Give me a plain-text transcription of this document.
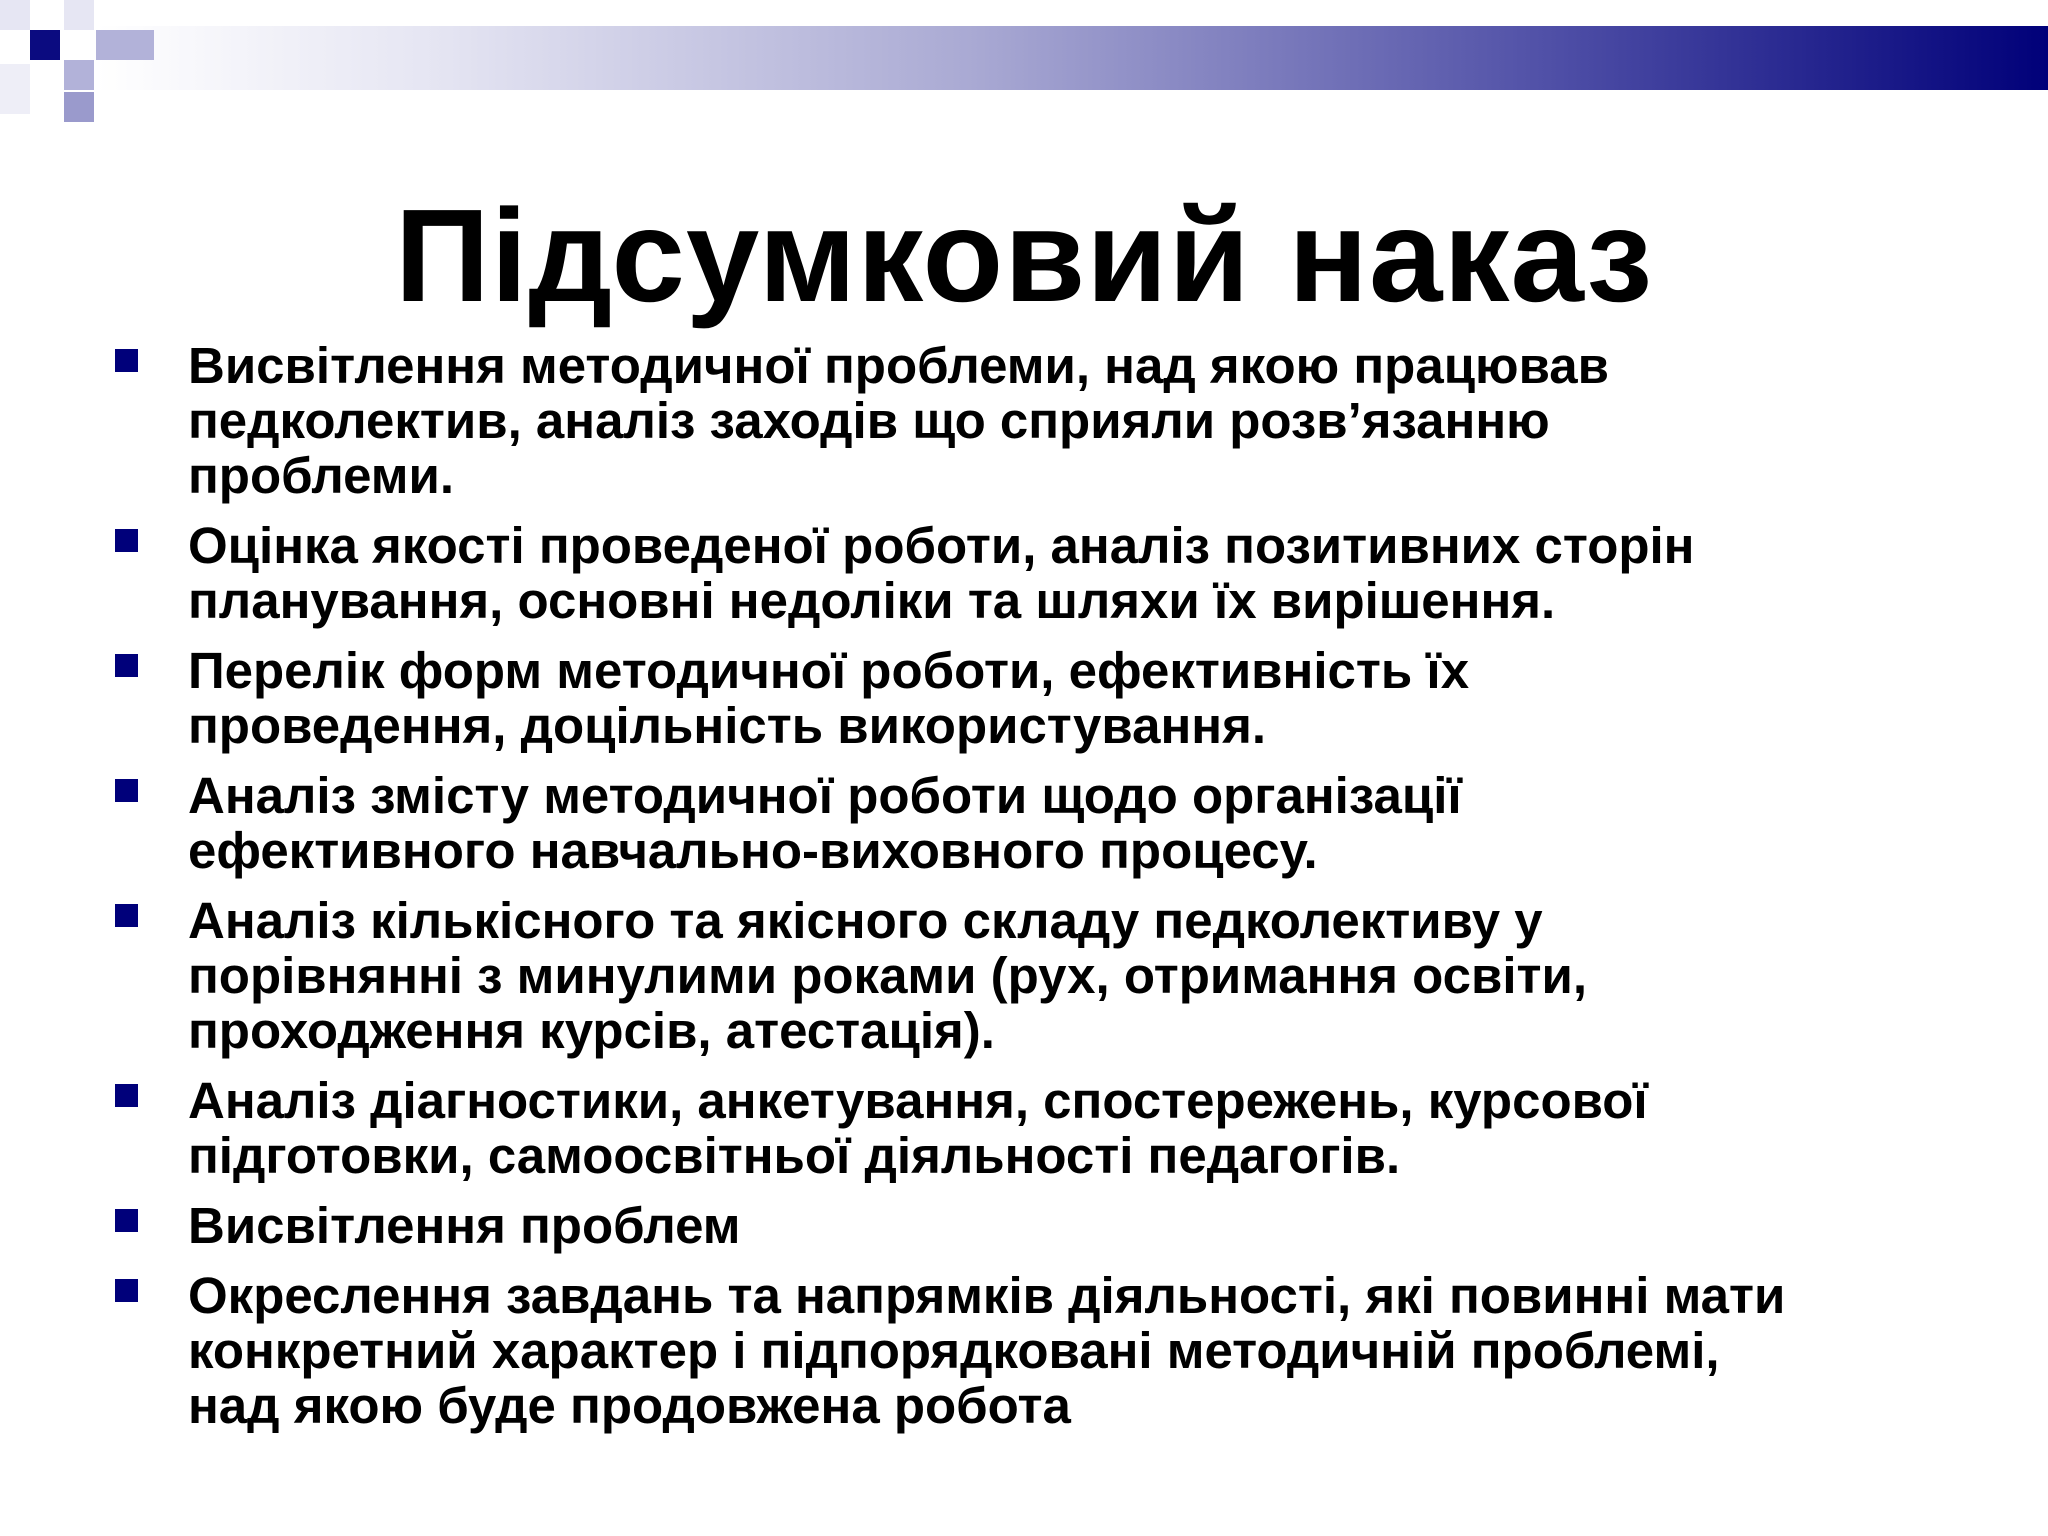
Підсумковий наказ
Висвітлення методичної проблеми, над якою працював
педколектив, аналіз заходів що сприяли розв’язанню
проблеми.
Оцінка якості проведеної роботи, аналіз позитивних сторін
планування, основні недоліки та шляхи їх вирішення.
Перелік форм методичної роботи, ефективність їх
проведення, доцільність використування.
Аналіз змісту методичної роботи щодо організації
ефективного навчально-виховного процесу.
Аналіз кількісного та якісного складу педколективу у
порівнянні з минулими роками (рух, отримання освіти,
проходження курсів, атестація).
Аналіз діагностики, анкетування, спостережень, курсової
підготовки, самоосвітньої діяльності педагогів.
Висвітлення проблем
Окреслення завдань та напрямків діяльності, які повинні мати
конкретний характер і підпорядковані методичній проблемі,
над якою буде продовжена робота
